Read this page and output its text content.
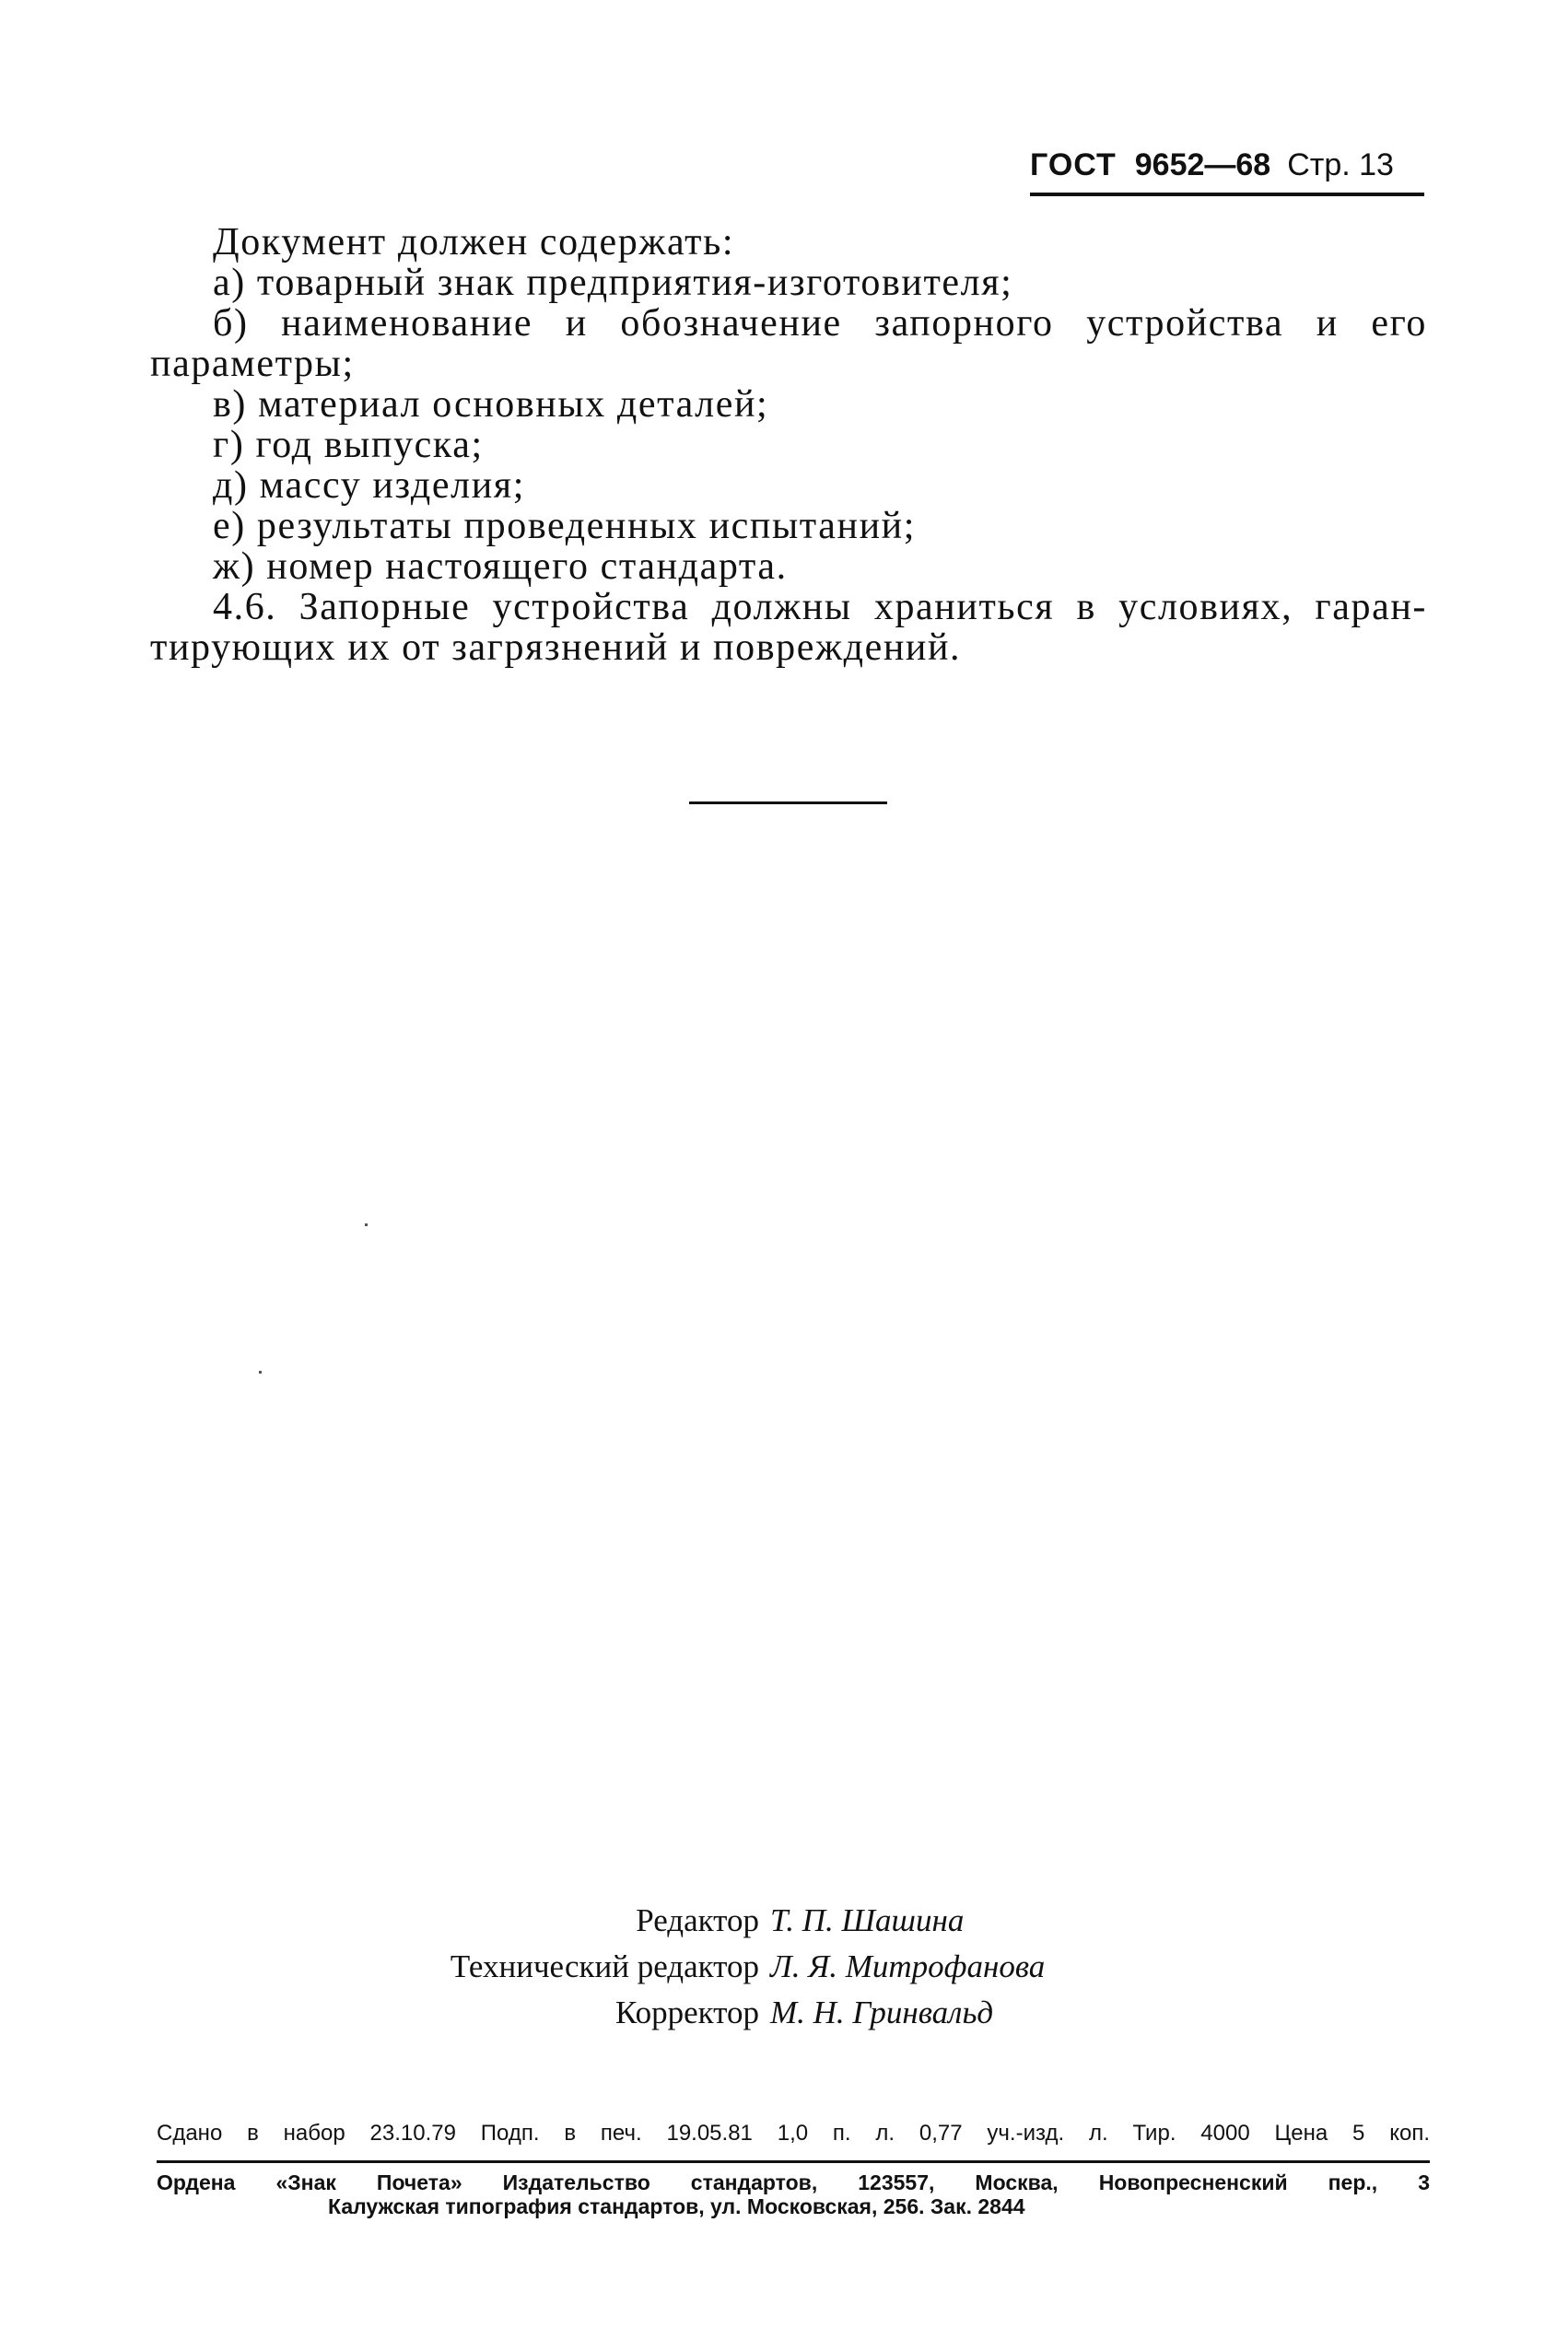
ГОСТ 9652—68 Стр. 13
Документ должен содержать:
а) товарный знак предприятия-изготовителя;
б) наименование и обозначение запорного устройства и его
параметры;
в) материал основных деталей;
г) год выпуска;
д) массу изделия;
е) результаты проведенных испытаний;
ж) номер настоящего стандарта.
4.6. Запорные устройства должны храниться в условиях, гаран-
тирующих их от загрязнений и повреждений.
Редактор Т. П. Шашина
Технический редактор Л. Я. Митрофанова
Корректор М. Н. Гринвальд
Сдано в набор 23.10.79 Подп. в печ. 19.05.81 1,0 п. л. 0,77 уч.-изд. л. Тир. 4000 Цена 5 коп.
Ордена «Знак Почета» Издательство стандартов, 123557, Москва, Новопресненский пер., 3
Калужская типография стандартов, ул. Московская, 256. Зак. 2844
